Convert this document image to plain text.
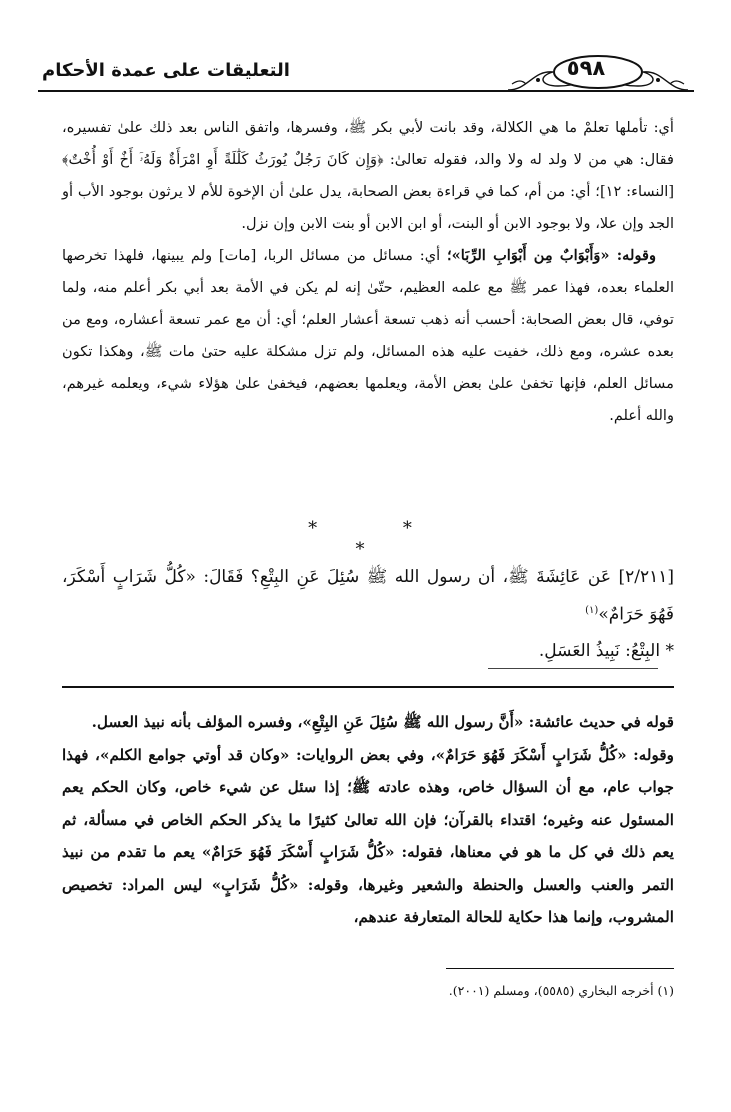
التعليقات على عمدة الأحكام	٥٩٨

أي: تأملها تعلمْ ما هي الكلالة، وقد بانت لأبي بكر ﷺ، وفسرها، واتفق الناس بعد ذلك علىٰ تفسيره، فقال: هي من لا ولد له ولا والد، فقوله تعالىٰ: ﴿وَإِن كَانَ رَجُلٌ يُورَثُ كَلَٰلَةً أَوِ امْرَأَةٌ وَلَهُۥٓ أَخٌ أَوْ أُخْتٌ﴾ [النساء: ١٢]؛ أي: من أم، كما في قراءة بعض الصحابة، يدل علىٰ أن الإخوة للأم لا يرثون بوجود الأب أو الجد وإن علا، ولا بوجود الابن أو البنت، أو ابن الابن أو بنت الابن وإن نزل.

وقوله: «وَأَبْوَابٌ مِن أَبْوَابِ الرِّبَا»؛ أي: مسائل من مسائل الربا، [مات] ولم يبينها، فلهذا تخرصها العلماء بعده، فهذا عمر ﷺ مع علمه العظيم، حتّىٰ إنه لم يكن في الأمة بعد أبي بكر أعلم منه، ولما توفي، قال بعض الصحابة: أحسب أنه ذهب تسعة أعشار العلم؛ أي: أن مع عمر تسعة أعشاره، ومع من بعده عشره، ومع ذلك، خفيت عليه هذه المسائل، ولم تزل مشكلة عليه حتىٰ مات ﷺ، وهكذا تكون مسائل العلم، فإنها تخفىٰ علىٰ بعض الأمة، ويعلمها بعضهم، فيخفىٰ علىٰ هؤلاء شيء، ويعلمه غيرهم، والله أعلم.

* * *
[٢/٢١١] عَن عَائِشَةَ ﷺ، أن رسول الله ﷺ سُئِلَ عَنِ البِتْعِ؟ فَقَالَ: «كُلُّ شَرَابٍ أَسْكَرَ، فَهُوَ حَرَامٌ»$^{(١)}$
* البِتْعُ: نَبِيذُ العَسَلِ.

قوله في حديث عائشة: «أَنَّ رسول الله ﷺ سُئِلَ عَنِ البِتْعِ»، وفسره المؤلف بأنه نبيذ العسل.

وقوله: «كُلُّ شَرَابٍ أَسْكَرَ فَهُوَ حَرَامٌ»، وفي بعض الروايات: «وكان قد أوتي جوامع الكلم»، فهذا جواب عام، مع أن السؤال خاص، وهذه عادته ﷺ؛ إذا سئل عن شيء خاص، وكان الحكم يعم المسئول عنه وغيره؛ اقتداء بالقرآن؛ فإن الله تعالىٰ كثيرًا ما يذكر الحكم الخاص في مسألة، ثم يعم ذلك في كل ما هو في معناها، فقوله: «كُلُّ شَرَابٍ أَسْكَرَ فَهُوَ حَرَامٌ» يعم ما تقدم من نبيذ التمر والعنب والعسل والحنطة والشعير وغيرها، وقوله: «كُلُّ شَرَابٍ» ليس المراد: تخصيص المشروب، وإنما هذا حكاية للحالة المتعارفة عندهم،

(١) أخرجه البخاري (٥٥٨٥)، ومسلم (٢٠٠١).
